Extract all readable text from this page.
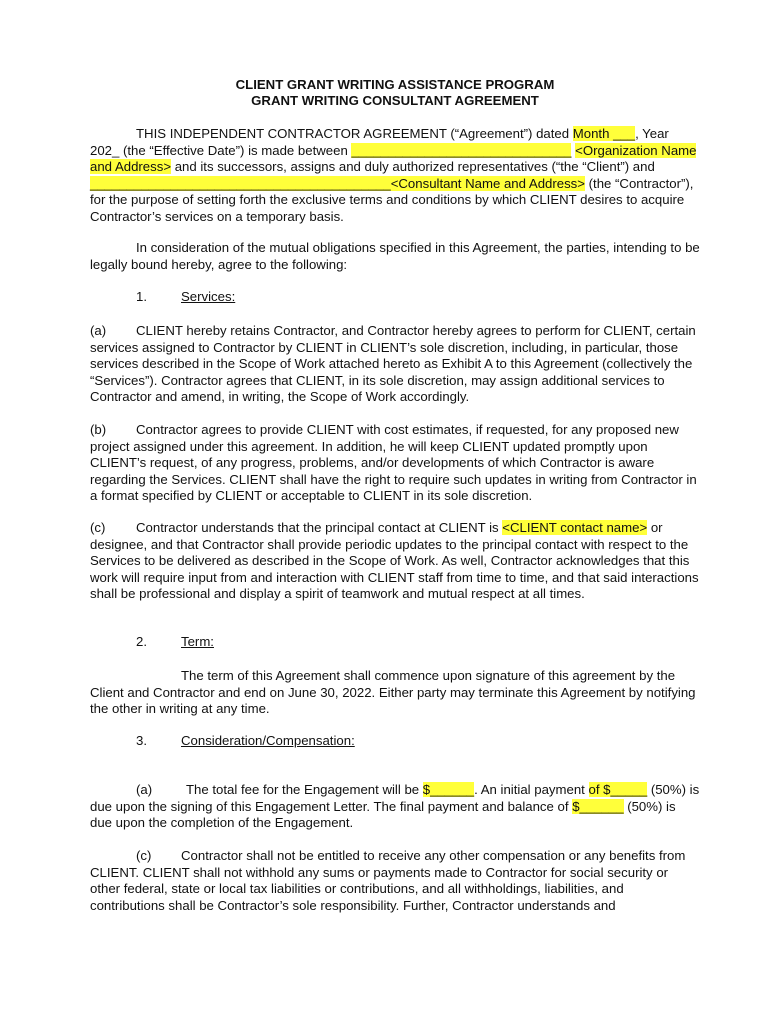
CLIENT GRANT WRITING ASSISTANCE PROGRAM

GRANT WRITING CONSULTANT AGREEMENT

THIS INDEPENDENT CONTRACTOR AGREEMENT (“Agreement”) dated Month ___, Year 202_ (the “Effective Date”) is made between ______________________________ <Organization Name and Address> and its successors, assigns and duly authorized representatives (“the “Client”) and _________________________________________<Consultant Name and Address> (the “Contractor”), for the purpose of setting forth the exclusive terms and conditions by which CLIENT desires to acquire Contractor’s services on a temporary basis.

In consideration of the mutual obligations specified in this Agreement, the parties, intending to be legally bound hereby, agree to the following:

1.	Services:

(a) CLIENT hereby retains Contractor, and Contractor hereby agrees to perform for CLIENT, certain services assigned to Contractor by CLIENT in CLIENT’s sole discretion, including, in particular, those services described in the Scope of Work attached hereto as Exhibit A to this Agreement (collectively the “Services”). Contractor agrees that CLIENT, in its sole discretion, may assign additional services to Contractor and amend, in writing, the Scope of Work accordingly.

(b) Contractor agrees to provide CLIENT with cost estimates, if requested, for any proposed new project assigned under this agreement. In addition, he will keep CLIENT updated promptly upon CLIENT’s request, of any progress, problems, and/or developments of which Contractor is aware regarding the Services. CLIENT shall have the right to require such updates in writing from Contractor in a format specified by CLIENT or acceptable to CLIENT in its sole discretion.

(c) Contractor understands that the principal contact at CLIENT is <CLIENT contact name> or designee, and that Contractor shall provide periodic updates to the principal contact with respect to the Services to be delivered as described in the Scope of Work. As well, Contractor acknowledges that this work will require input from and interaction with CLIENT staff from time to time, and that said interactions shall be professional and display a spirit of teamwork and mutual respect at all times.

2.	Term:

The term of this Agreement shall commence upon signature of this agreement by the Client and Contractor and end on June 30, 2022. Either party may terminate this Agreement by notifying the other in writing at any time.

3.	Consideration/Compensation:

(a)	The total fee for the Engagement will be $______. An initial payment of $_____ (50%) is due upon the signing of this Engagement Letter. The final payment and balance of $______ (50%) is due upon the completion of the Engagement.

(c) Contractor shall not be entitled to receive any other compensation or any benefits from CLIENT. CLIENT shall not withhold any sums or payments made to Contractor for social security or other federal, state or local tax liabilities or contributions, and all withholdings, liabilities, and contributions shall be Contractor’s sole responsibility. Further, Contractor understands and
